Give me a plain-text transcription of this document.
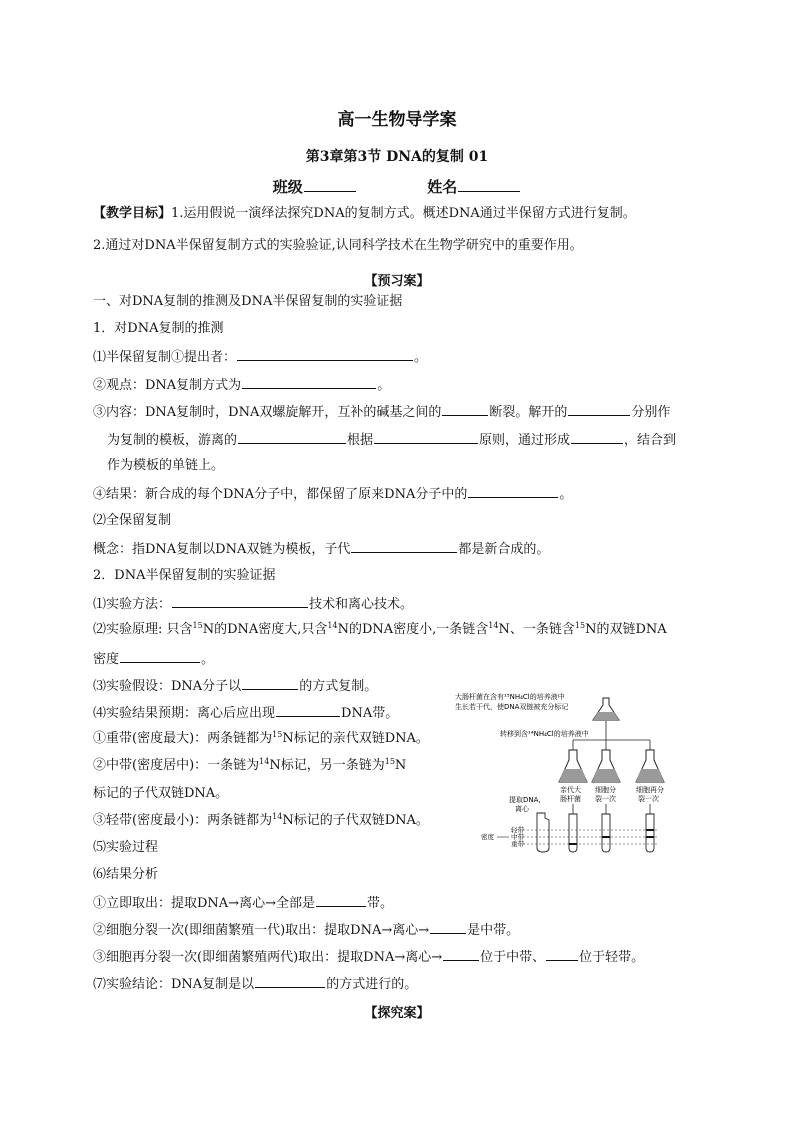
高一生物导学案
第3章第3节 DNA的复制 01
班级	姓名
【教学目标】1.运用假说一演绎法探究DNA的复制方式。概述DNA通过半保留方式进行复制。
2.通过对DNA半保留复制方式的实验验证,认同科学技术在生物学研究中的重要作用。
【预习案】
一、对DNA复制的推测及DNA半保留复制的实验证据
1．对DNA复制的推测
⑴半保留复制①提出者：	。
②观点：DNA复制方式为	。
③内容：DNA复制时，DNA双螺旋解开，互补的碱基之间的	断裂。解开的	分别作
为复制的模板，游离的	根据	原则，通过形成	，结合到
作为模板的单链上。
④结果：新合成的每个DNA分子中，都保留了原来DNA分子中的	。
⑵全保留复制
概念：指DNA复制以DNA双链为模板，子代	都是新合成的。
2．DNA半保留复制的实验证据
⑴实验方法：	技术和离心技术。
⑵实验原理: 只含$^{15}$N的DNA密度大,只含$^{14}$N的DNA密度小,一条链含$^{14}$N、一条链含$^{15}$N的双链DNA
密度	。
⑶实验假设：DNA分子以	的方式复制。
⑷实验结果预期：离心后应出现	DNA带。
①重带(密度最大)：两条链都为$^{15}$N标记的亲代双链DNA。
②中带(密度居中)：一条链为$^{14}$N标记，另一条链为$^{15}$N
标记的子代双链DNA。
③轻带(密度最小)：两条链都为$^{14}$N标记的子代双链DNA。
⑸实验过程
⑹结果分析
①立即取出：提取DNA→离心→全部是	带。
②细胞分裂一次(即细菌繁殖一代)取出：提取DNA→离心→	是中带。
③细胞再分裂一次(即细菌繁殖两代)取出：提取DNA→离心→	位于中带、	位于轻带。
⑺实验结论：DNA复制是以	的方式进行的。
【探究案】
大肠杆菌在含有¹⁵NH₄Cl的培养液中
生长若干代，使DNA双链被充分标记
转移到含¹⁴NH₄Cl的培养液中
亲代大
肠杆菌
细胞分
裂一次
细胞再分
裂一次
提取DNA,
离心
轻带
中带
重带
密度
